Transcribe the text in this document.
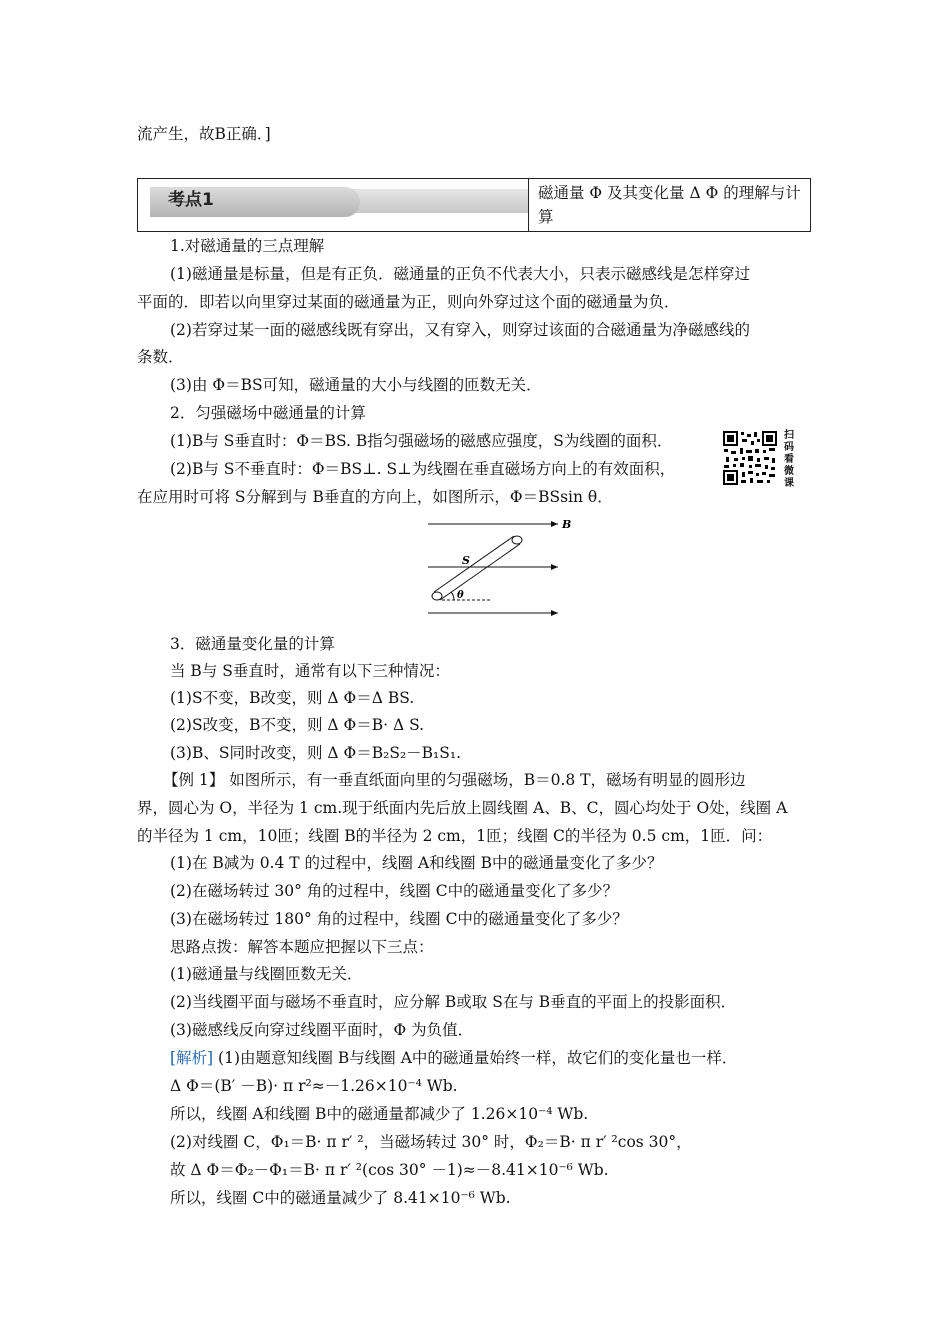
流产生，故B正确．]
考点1	磁通量 Φ 及其变化量 Δ Φ 的理解与计算
1.对磁通量的三点理解
(1)磁通量是标量，但是有正负．磁通量的正负不代表大小，只表示磁感线是怎样穿过
平面的．即若以向里穿过某面的磁通量为正，则向外穿过这个面的磁通量为负．
(2)若穿过某一面的磁感线既有穿出，又有穿入，则穿过该面的合磁通量为净磁感线的
条数．
(3)由 Φ＝BS可知，磁通量的大小与线圈的匝数无关．
2．匀强磁场中磁通量的计算
(1)B与 S垂直时：Φ＝BS. B指匀强磁场的磁感应强度，S为线圈的面积．
(2)B与 S不垂直时：Φ＝BS⊥. S⊥为线圈在垂直磁场方向上的有效面积，
在应用时可将 S分解到与 B垂直的方向上，如图所示，Φ＝BSsin θ．
扫码看微课
B
S
θ
3．磁通量变化量的计算
当 B与 S垂直时，通常有以下三种情况：
(1)S不变，B改变，则 Δ Φ＝Δ BS.
(2)S改变，B不变，则 Δ Φ＝B· Δ S.
(3)B、S同时改变，则 Δ Φ＝B₂S₂－B₁S₁.
【例 1】 如图所示，有一垂直纸面向里的匀强磁场，B＝0.8 T，磁场有明显的圆形边
界，圆心为 O，半径为 1 cm.现于纸面内先后放上圆线圈 A、B、C，圆心均处于 O处，线圈 A
的半径为 1 cm，10匝；线圈 B的半径为 2 cm，1匝；线圈 C的半径为 0.5 cm，1匝．问：
(1)在 B减为 0.4 T 的过程中，线圈 A和线圈 B中的磁通量变化了多少？
(2)在磁场转过 30° 角的过程中，线圈 C中的磁通量变化了多少？
(3)在磁场转过 180° 角的过程中，线圈 C中的磁通量变化了多少？
思路点拨：解答本题应把握以下三点：
(1)磁通量与线圈匝数无关．
(2)当线圈平面与磁场不垂直时，应分解 B或取 S在与 B垂直的平面上的投影面积．
(3)磁感线反向穿过线圈平面时，Φ 为负值．
[解析] (1)由题意知线圈 B与线圈 A中的磁通量始终一样，故它们的变化量也一样．
Δ Φ＝(B′ －B)· π r²≈－1.26×10⁻⁴ Wb.
所以，线圈 A和线圈 B中的磁通量都减少了 1.26×10⁻⁴ Wb.
(2)对线圈 C，Φ₁＝B· π r′ ²，当磁场转过 30° 时，Φ₂＝B· π r′ ²cos 30°，
故 Δ Φ＝Φ₂－Φ₁＝B· π r′ ²(cos 30° －1)≈－8.41×10⁻⁶ Wb.
所以，线圈 C中的磁通量减少了 8.41×10⁻⁶ Wb.
